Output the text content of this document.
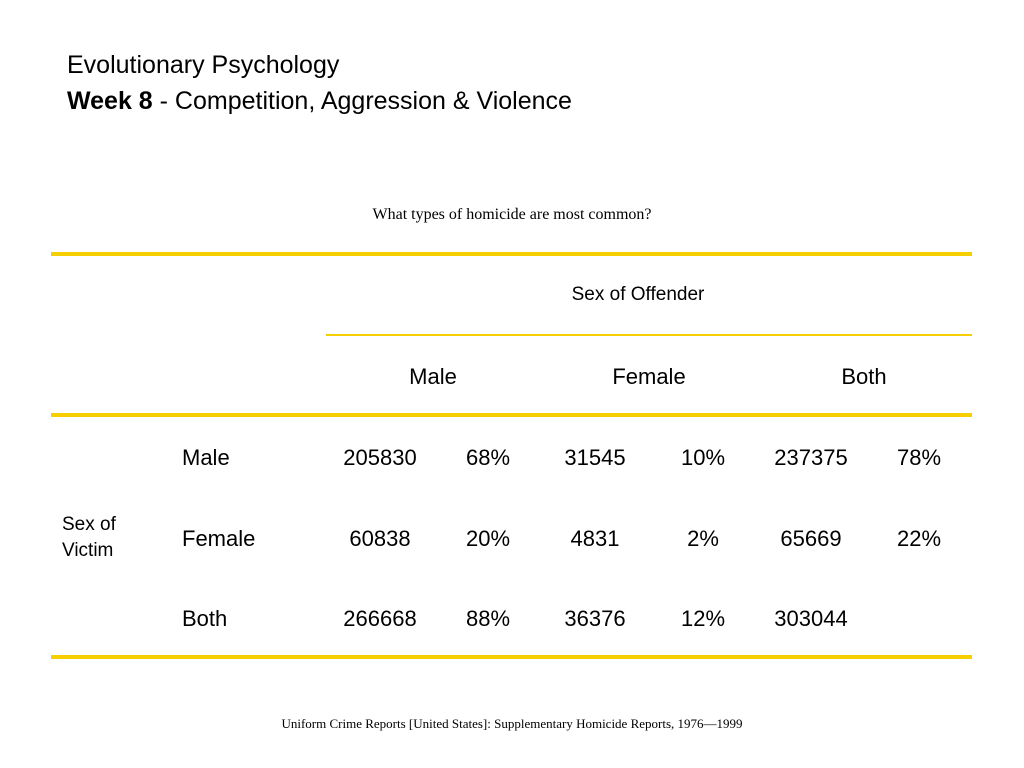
Evolutionary Psychology
Week 8 - Competition, Aggression & Violence
What types of homicide are most common?
Sex of Offender
Male	Female	Both
Sex of Victim
Male	205830 68% 31545	10% 237375 78%
Female	60838	20%	4831	2%	65669	22%
Both	266668 88% 36376	12% 303044
Uniform Crime Reports [United States]: Supplementary Homicide Reports, 1976—1999
